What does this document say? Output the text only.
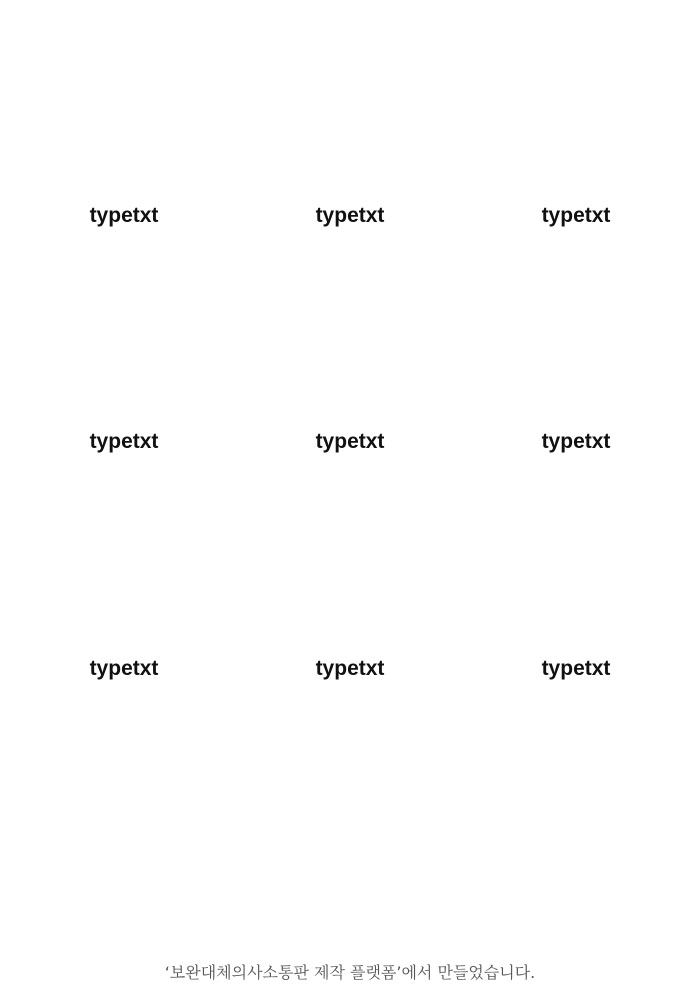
typetxt	typetxt	typetxt
typetxt	typetxt	typetxt
typetxt	typetxt	typetxt
‘보완대체의사소통판 제작 플랫폼’에서 만들었습니다.
